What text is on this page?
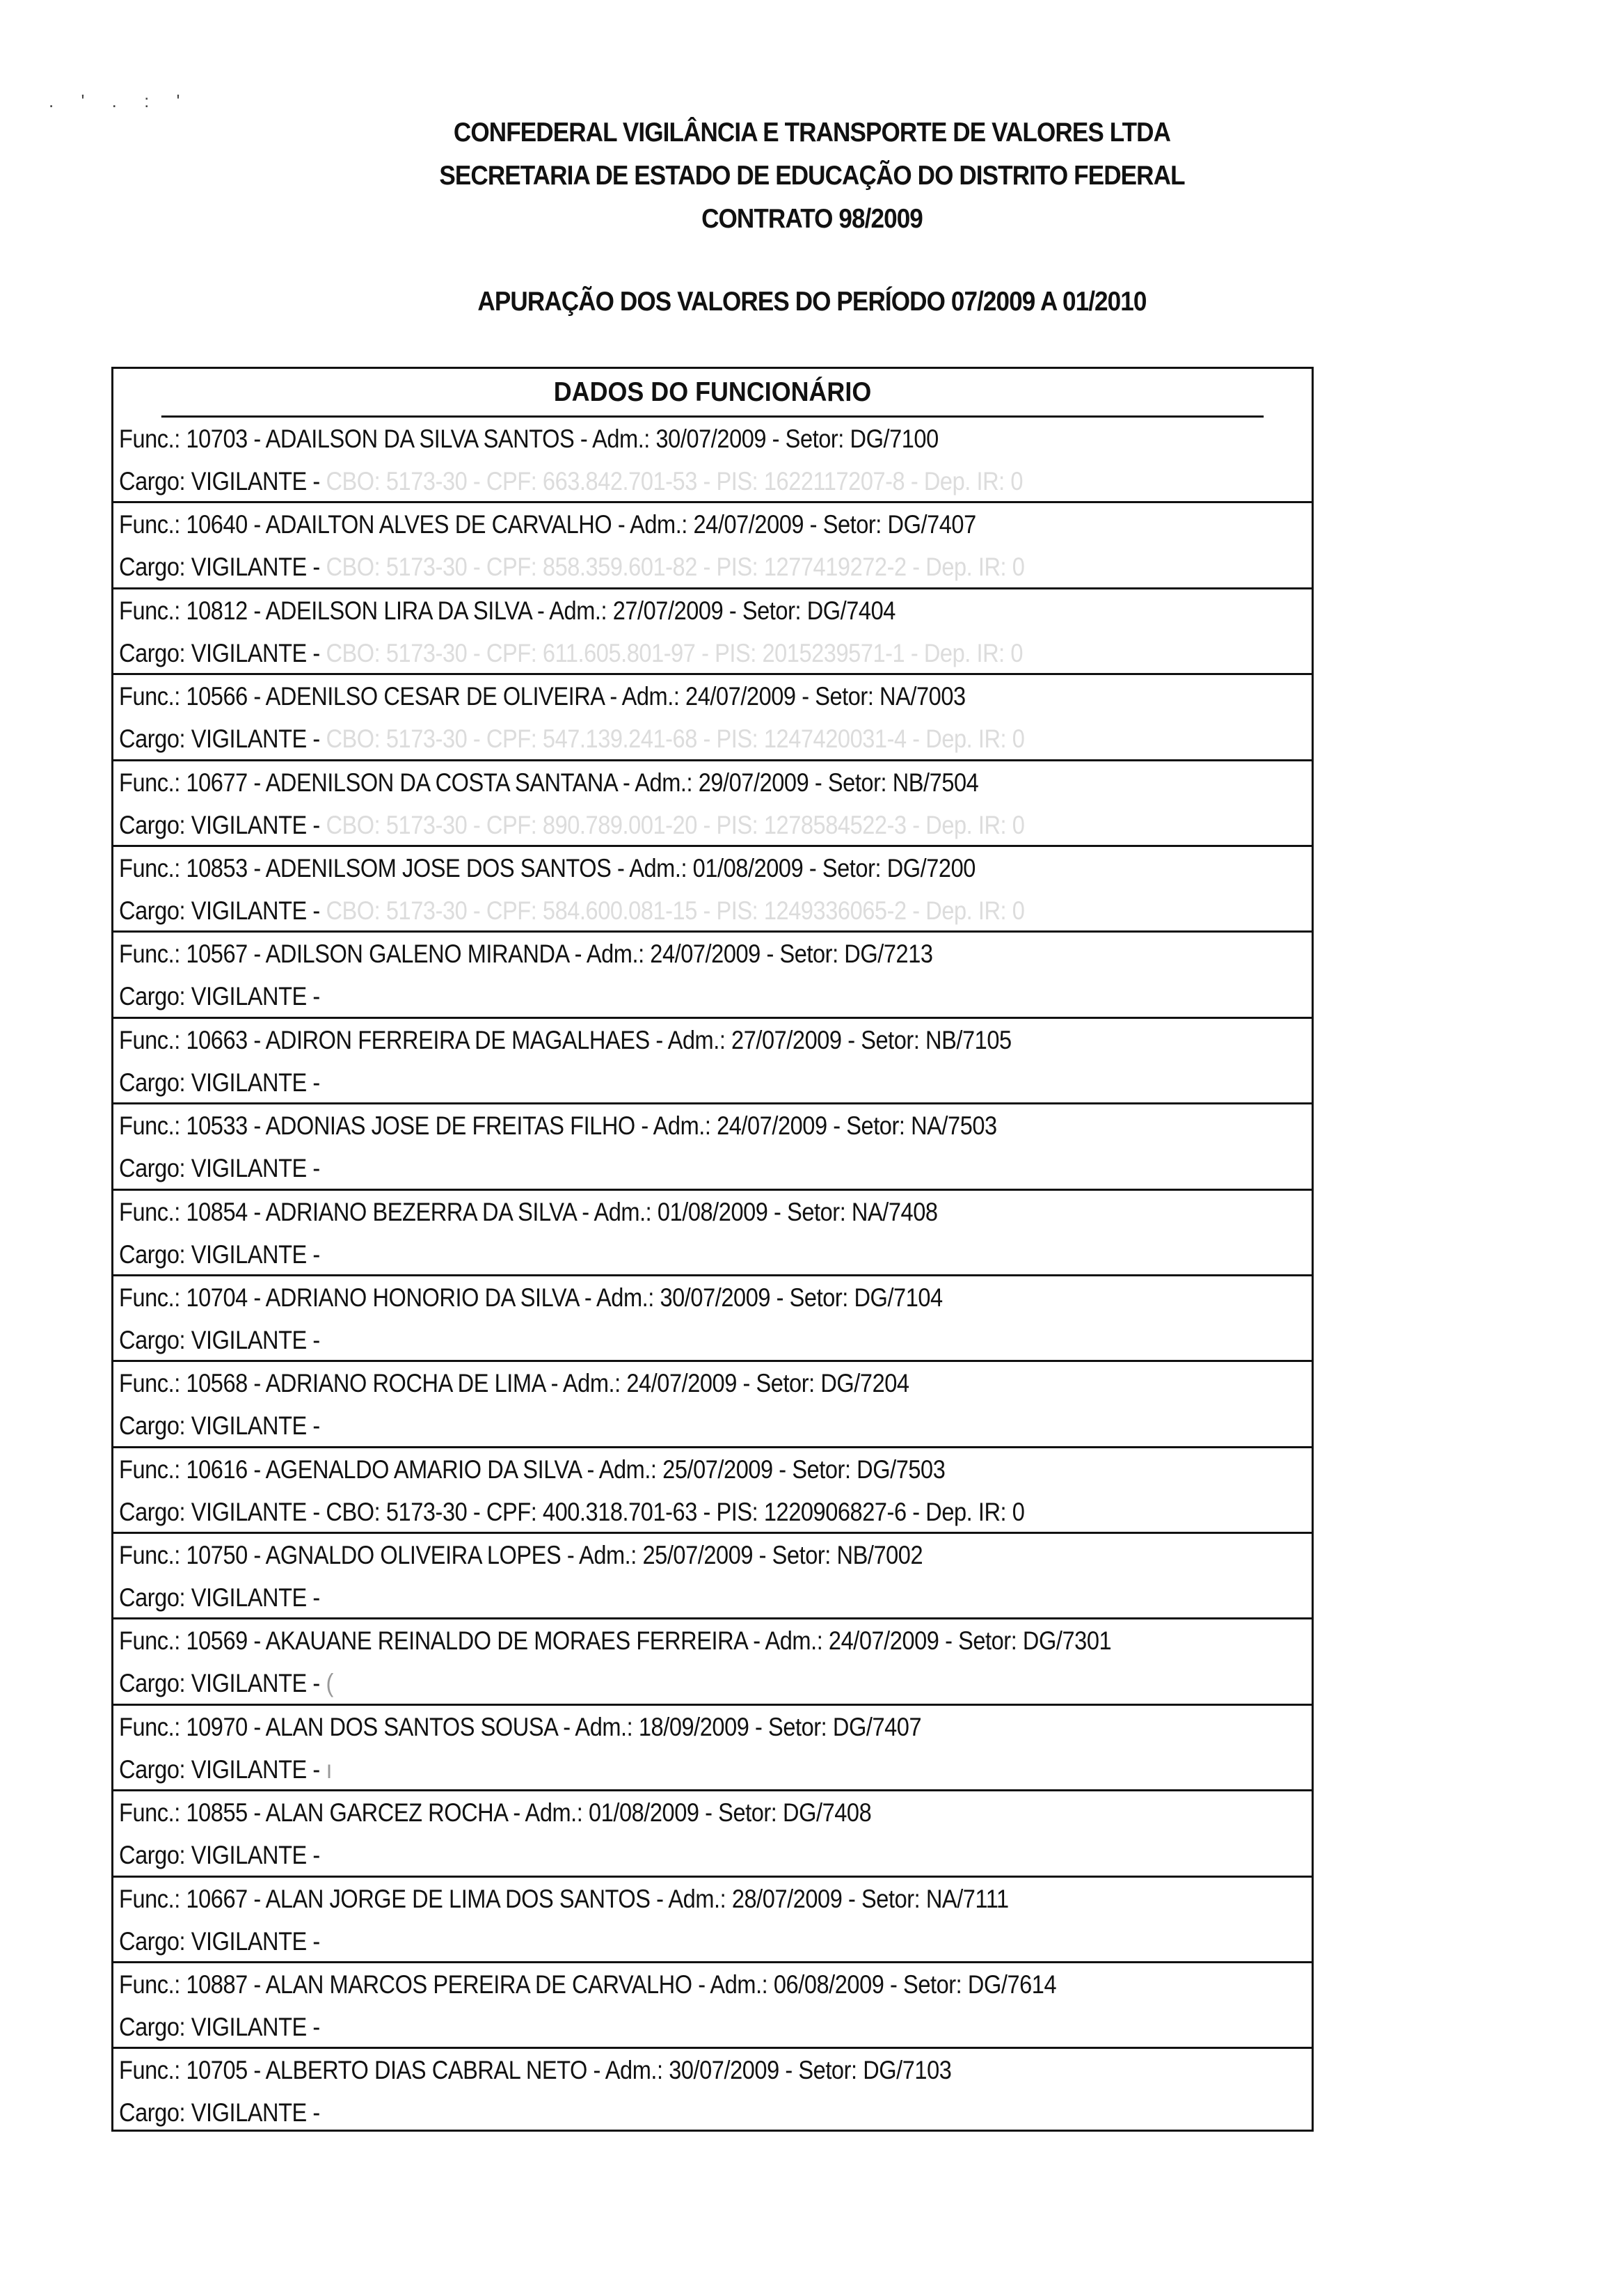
. ' . : '
CONFEDERAL VIGILÂNCIA E TRANSPORTE DE VALORES LTDA
SECRETARIA DE ESTADO DE EDUCAÇÃO DO DISTRITO FEDERAL
CONTRATO 98/2009
APURAÇÃO DOS VALORES DO PERÍODO 07/2009 A 01/2010
DADOS DO FUNCIONÁRIO
Func.: 10703 - ADAILSON DA SILVA SANTOS - Adm.: 30/07/2009 - Setor: DG/7100
Cargo: VIGILANTE - CBO: 5173-30 - CPF: 663.842.701-53 - PIS: 1622117207-8 - Dep. IR: 0
Func.: 10640 - ADAILTON ALVES DE CARVALHO - Adm.: 24/07/2009 - Setor: DG/7407
Cargo: VIGILANTE - CBO: 5173-30 - CPF: 858.359.601-82 - PIS: 1277419272-2 - Dep. IR: 0
Func.: 10812 - ADEILSON LIRA DA SILVA - Adm.: 27/07/2009 - Setor: DG/7404
Cargo: VIGILANTE - CBO: 5173-30 - CPF: 611.605.801-97 - PIS: 2015239571-1 - Dep. IR: 0
Func.: 10566 - ADENILSO CESAR DE OLIVEIRA - Adm.: 24/07/2009 - Setor: NA/7003
Cargo: VIGILANTE - CBO: 5173-30 - CPF: 547.139.241-68 - PIS: 1247420031-4 - Dep. IR: 0
Func.: 10677 - ADENILSON DA COSTA SANTANA - Adm.: 29/07/2009 - Setor: NB/7504
Cargo: VIGILANTE - CBO: 5173-30 - CPF: 890.789.001-20 - PIS: 1278584522-3 - Dep. IR: 0
Func.: 10853 - ADENILSOM JOSE DOS SANTOS - Adm.: 01/08/2009 - Setor: DG/7200
Cargo: VIGILANTE - CBO: 5173-30 - CPF: 584.600.081-15 - PIS: 1249336065-2 - Dep. IR: 0
Func.: 10567 - ADILSON GALENO MIRANDA - Adm.: 24/07/2009 - Setor: DG/7213
Cargo: VIGILANTE -
Func.: 10663 - ADIRON FERREIRA DE MAGALHAES - Adm.: 27/07/2009 - Setor: NB/7105
Cargo: VIGILANTE -
Func.: 10533 - ADONIAS JOSE DE FREITAS FILHO - Adm.: 24/07/2009 - Setor: NA/7503
Cargo: VIGILANTE -
Func.: 10854 - ADRIANO BEZERRA DA SILVA - Adm.: 01/08/2009 - Setor: NA/7408
Cargo: VIGILANTE -
Func.: 10704 - ADRIANO HONORIO DA SILVA - Adm.: 30/07/2009 - Setor: DG/7104
Cargo: VIGILANTE -
Func.: 10568 - ADRIANO ROCHA DE LIMA - Adm.: 24/07/2009 - Setor: DG/7204
Cargo: VIGILANTE -
Func.: 10616 - AGENALDO AMARIO DA SILVA - Adm.: 25/07/2009 - Setor: DG/7503
Cargo: VIGILANTE - CBO: 5173-30 - CPF: 400.318.701-63 - PIS: 1220906827-6 - Dep. IR: 0
Func.: 10750 - AGNALDO OLIVEIRA LOPES - Adm.: 25/07/2009 - Setor: NB/7002
Cargo: VIGILANTE -
Func.: 10569 - AKAUANE REINALDO DE MORAES FERREIRA - Adm.: 24/07/2009 - Setor: DG/7301
Cargo: VIGILANTE - (
Func.: 10970 - ALAN DOS SANTOS SOUSA - Adm.: 18/09/2009 - Setor: DG/7407
Cargo: VIGILANTE - ı
Func.: 10855 - ALAN GARCEZ ROCHA - Adm.: 01/08/2009 - Setor: DG/7408
Cargo: VIGILANTE -
Func.: 10667 - ALAN JORGE DE LIMA DOS SANTOS - Adm.: 28/07/2009 - Setor: NA/7111
Cargo: VIGILANTE -
Func.: 10887 - ALAN MARCOS PEREIRA DE CARVALHO - Adm.: 06/08/2009 - Setor: DG/7614
Cargo: VIGILANTE -
Func.: 10705 - ALBERTO DIAS CABRAL NETO - Adm.: 30/07/2009 - Setor: DG/7103
Cargo: VIGILANTE -
